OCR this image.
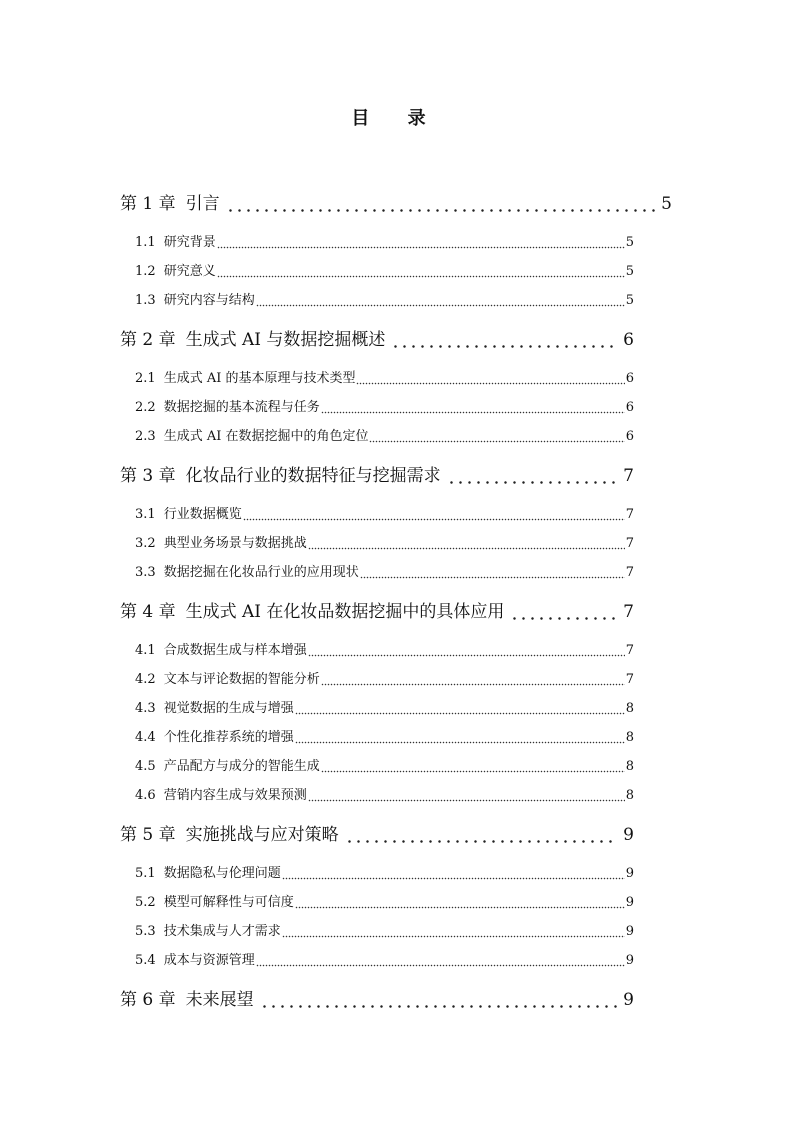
目 录
第 1 章 引言	5
1.1 研究背景	5
1.2 研究意义	5
1.3 研究内容与结构	5
第 2 章 生成式 AI 与数据挖掘概述	6
2.1 生成式 AI 的基本原理与技术类型	6
2.2 数据挖掘的基本流程与任务	6
2.3 生成式 AI 在数据挖掘中的角色定位	6
第 3 章 化妆品行业的数据特征与挖掘需求	7
3.1 行业数据概览	7
3.2 典型业务场景与数据挑战	7
3.3 数据挖掘在化妆品行业的应用现状	7
第 4 章 生成式 AI 在化妆品数据挖掘中的具体应用	7
4.1 合成数据生成与样本增强	7
4.2 文本与评论数据的智能分析	7
4.3 视觉数据的生成与增强	8
4.4 个性化推荐系统的增强	8
4.5 产品配方与成分的智能生成	8
4.6 营销内容生成与效果预测	8
第 5 章 实施挑战与应对策略	9
5.1 数据隐私与伦理问题	9
5.2 模型可解释性与可信度	9
5.3 技术集成与人才需求	9
5.4 成本与资源管理	9
第 6 章 未来展望	9
